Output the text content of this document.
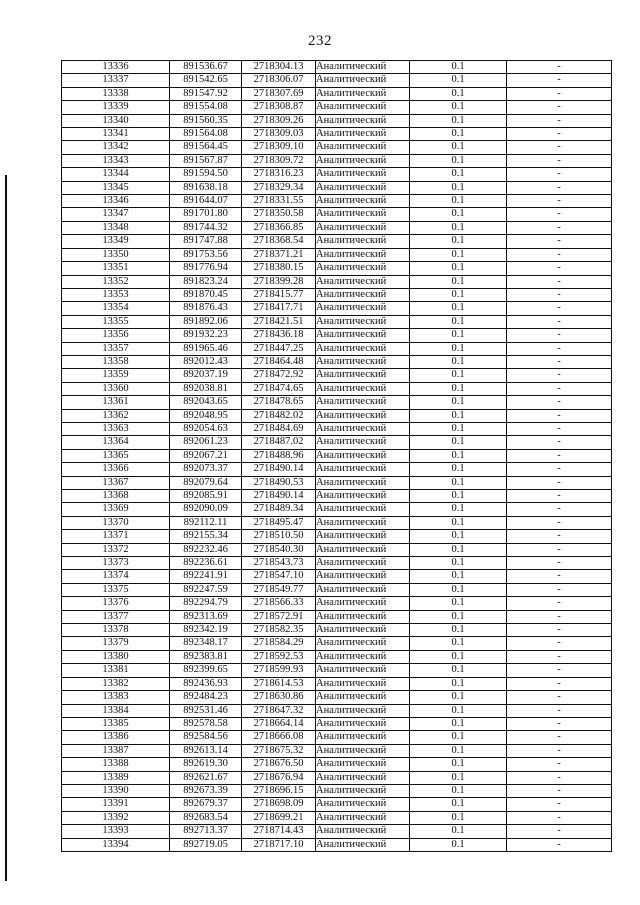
232
13336	891536.67	2718304.13	Аналитический	0.1	-
13337	891542.65	2718306.07	Аналитический	0.1	-
13338	891547.92	2718307.69	Аналитический	0.1	-
13339	891554.08	2718308.87	Аналитический	0.1	-
13340	891560.35	2718309.26	Аналитический	0.1	-
13341	891564.08	2718309.03	Аналитический	0.1	-
13342	891564.45	2718309.10	Аналитический	0.1	-
13343	891567.87	2718309.72	Аналитический	0.1	-
13344	891594.50	2718316.23	Аналитический	0.1	-
13345	891638.18	2718329.34	Аналитический	0.1	-
13346	891644.07	2718331.55	Аналитический	0.1	-
13347	891701.80	2718350.58	Аналитический	0.1	-
13348	891744.32	2718366.85	Аналитический	0.1	-
13349	891747.88	2718368.54	Аналитический	0.1	-
13350	891753.56	2718371.21	Аналитический	0.1	-
13351	891776.94	2718380.15	Аналитический	0.1	-
13352	891823.24	2718399.28	Аналитический	0.1	-
13353	891870.45	2718415.77	Аналитический	0.1	-
13354	891876.43	2718417.71	Аналитический	0.1	-
13355	891892.06	2718421.51	Аналитический	0.1	-
13356	891932.23	2718436.18	Аналитический	0.1	-
13357	891965.46	2718447.25	Аналитический	0.1	-
13358	892012.43	2718464.48	Аналитический	0.1	-
13359	892037.19	2718472.92	Аналитический	0.1	-
13360	892038.81	2718474.65	Аналитический	0.1	-
13361	892043.65	2718478.65	Аналитический	0.1	-
13362	892048.95	2718482.02	Аналитический	0.1	-
13363	892054.63	2718484.69	Аналитический	0.1	-
13364	892061.23	2718487.02	Аналитический	0.1	-
13365	892067.21	2718488.96	Аналитический	0.1	-
13366	892073.37	2718490.14	Аналитический	0.1	-
13367	892079.64	2718490.53	Аналитический	0.1	-
13368	892085.91	2718490.14	Аналитический	0.1	-
13369	892090.09	2718489.34	Аналитический	0.1	-
13370	892112.11	2718495.47	Аналитический	0.1	-
13371	892155.34	2718510.50	Аналитический	0.1	-
13372	892232.46	2718540.30	Аналитический	0.1	-
13373	892236.61	2718543.73	Аналитический	0.1	-
13374	892241.91	2718547.10	Аналитический	0.1	-
13375	892247.59	2718549.77	Аналитический	0.1	-
13376	892294.79	2718566.33	Аналитический	0.1	-
13377	892313.69	2718572.91	Аналитический	0.1	-
13378	892342.19	2718582.35	Аналитический	0.1	-
13379	892348.17	2718584.29	Аналитический	0.1	-
13380	892383.81	2718592.53	Аналитический	0.1	-
13381	892399.65	2718599.93	Аналитический	0.1	-
13382	892436.93	2718614.53	Аналитический	0.1	-
13383	892484.23	2718630.86	Аналитический	0.1	-
13384	892531.46	2718647.32	Аналитический	0.1	-
13385	892578.58	2718664.14	Аналитический	0.1	-
13386	892584.56	2718666.08	Аналитический	0.1	-
13387	892613.14	2718675.32	Аналитический	0.1	-
13388	892619.30	2718676.50	Аналитический	0.1	-
13389	892621.67	2718676.94	Аналитический	0.1	-
13390	892673.39	2718696.15	Аналитический	0.1	-
13391	892679.37	2718698.09	Аналитический	0.1	-
13392	892683.54	2718699.21	Аналитический	0.1	-
13393	892713.37	2718714.43	Аналитический	0.1	-
13394	892719.05	2718717.10	Аналитический	0.1	-
